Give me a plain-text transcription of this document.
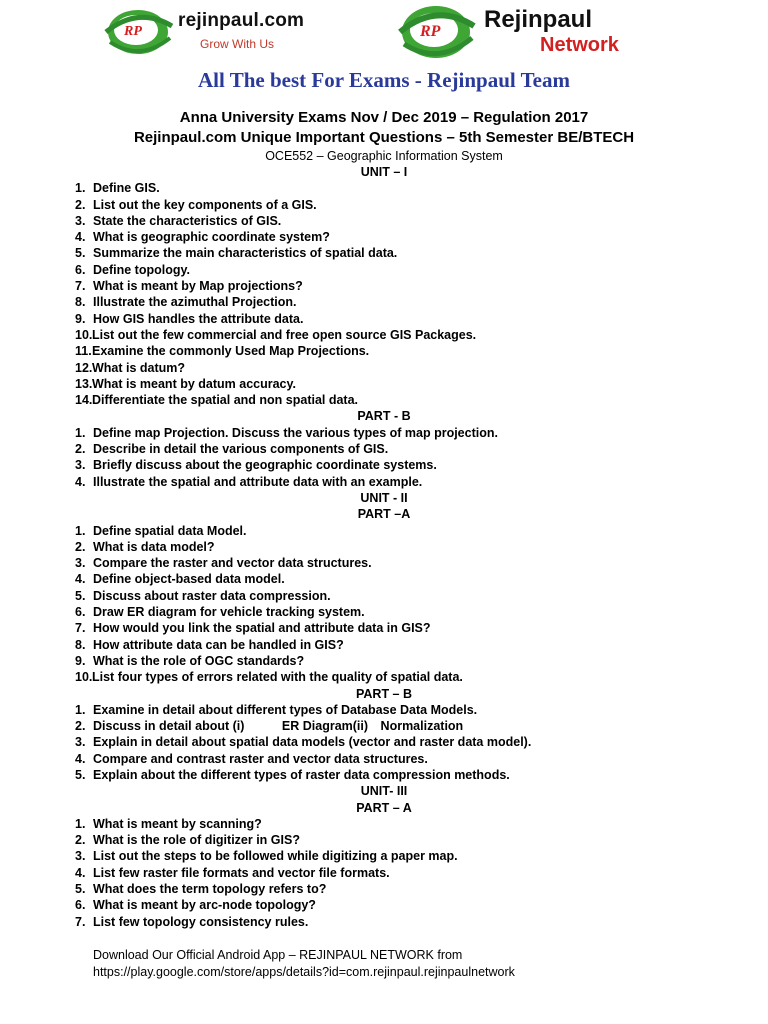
RP
rejinpaul.com
Grow With Us
RP Rejinpaul
Network
All The best For Exams - Rejinpaul Team

Anna University Exams Nov / Dec 2019 – Regulation 2017

Rejinpaul.com Unique Important Questions – 5th Semester BE/BTECH

OCE552 – Geographic Information System

UNIT – I

1. Define GIS.
2. List out the key components of a GIS.
3. State the characteristics of GIS.
4. What is geographic coordinate system?
5. Summarize the main characteristics of spatial data.
6. Define topology.
7. What is meant by Map projections?
8. Illustrate the azimuthal Projection.
9. How GIS handles the attribute data.
10. List out the few commercial and free open source GIS Packages.
11. Examine the commonly Used Map Projections.
12. What is datum?
13. What is meant by datum accuracy.
14. Differentiate the spatial and non spatial data.

PART - B

1. Define map Projection. Discuss the various types of map projection.
2. Describe in detail the various components of GIS.
3. Briefly discuss about the geographic coordinate systems.
4. Illustrate the spatial and attribute data with an example.

UNIT - II

PART –A

1. Define spatial data Model.
2. What is data model?
3. Compare the raster and vector data structures.
4. Define object-based data model.
5. Discuss about raster data compression.
6. Draw ER diagram for vehicle tracking system.
7. How would you link the spatial and attribute data in GIS?
8. How attribute data can be handled in GIS?
9. What is the role of OGC standards?
10. List four types of errors related with the quality of spatial data.

PART – B

1. Examine in detail about different types of Database Data Models.
2. Discuss in detail about (i)   ER Diagram(ii) Normalization
3. Explain in detail about spatial data models (vector and raster data model).
4. Compare and contrast raster and vector data structures.
5. Explain about the different types of raster data compression methods.

UNIT- III

PART – A

1. What is meant by scanning?
2. What is the role of digitizer in GIS?
3. List out the steps to be followed while digitizing a paper map.
4. List few raster file formats and vector file formats.
5. What does the term topology refers to?
6. What is meant by arc-node topology?
7. List few topology consistency rules.
Download Our Official Android App – REJINPAUL NETWORK from
https://play.google.com/store/apps/details?id=com.rejinpaul.rejinpaulnetwork
